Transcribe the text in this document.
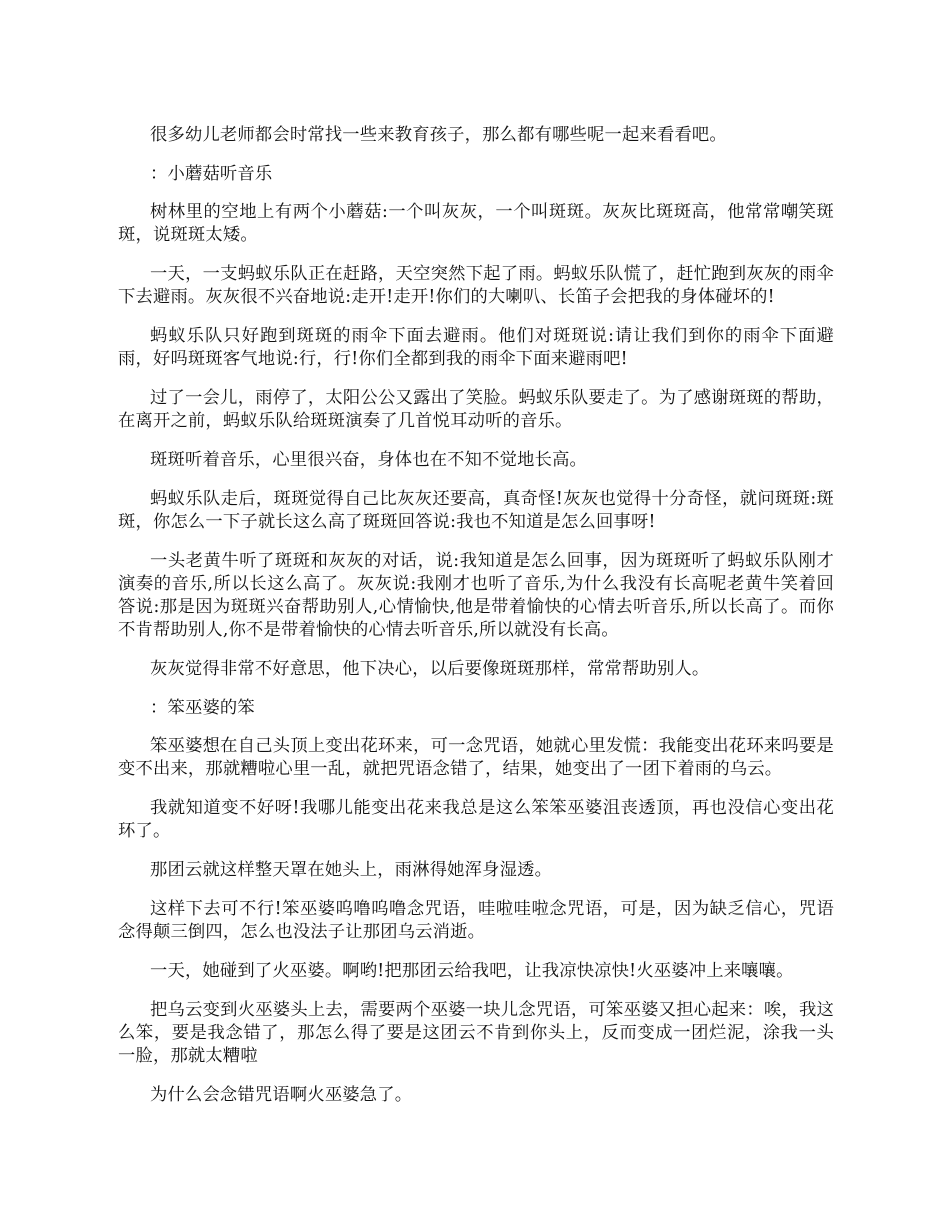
很多幼儿老师都会时常找一些来教育孩子，那么都有哪些呢一起来看看吧。

：小蘑菇听音乐

树林里的空地上有两个小蘑菇:一个叫灰灰，一个叫斑斑。灰灰比斑斑高，他常常嘲笑斑斑，说斑斑太矮。

一天，一支蚂蚁乐队正在赶路，天空突然下起了雨。蚂蚁乐队慌了，赶忙跑到灰灰的雨伞下去避雨。灰灰很不兴奋地说:走开!走开!你们的大喇叭、长笛子会把我的身体碰坏的!

蚂蚁乐队只好跑到斑斑的雨伞下面去避雨。他们对斑斑说:请让我们到你的雨伞下面避雨，好吗斑斑客气地说:行，行!你们全都到我的雨伞下面来避雨吧!

过了一会儿，雨停了，太阳公公又露出了笑脸。蚂蚁乐队要走了。为了感谢斑斑的帮助，在离开之前，蚂蚁乐队给斑斑演奏了几首悦耳动听的音乐。

斑斑听着音乐，心里很兴奋，身体也在不知不觉地长高。

蚂蚁乐队走后，斑斑觉得自己比灰灰还要高，真奇怪!灰灰也觉得十分奇怪，就问斑斑:斑斑，你怎么一下子就长这么高了斑斑回答说:我也不知道是怎么回事呀!

一头老黄牛听了斑斑和灰灰的对话，说:我知道是怎么回事，因为斑斑听了蚂蚁乐队刚才演奏的音乐,所以长这么高了。灰灰说:我刚才也听了音乐,为什么我没有长高呢老黄牛笑着回答说:那是因为斑斑兴奋帮助别人,心情愉快,他是带着愉快的心情去听音乐,所以长高了。而你不肯帮助别人,你不是带着愉快的心情去听音乐,所以就没有长高。

灰灰觉得非常不好意思，他下决心，以后要像斑斑那样，常常帮助别人。

：笨巫婆的笨

笨巫婆想在自己头顶上变出花环来，可一念咒语，她就心里发慌：我能变出花环来吗要是变不出来，那就糟啦心里一乱，就把咒语念错了，结果，她变出了一团下着雨的乌云。

我就知道变不好呀!我哪儿能变出花来我总是这么笨笨巫婆沮丧透顶，再也没信心变出花环了。

那团云就这样整天罩在她头上，雨淋得她浑身湿透。

这样下去可不行!笨巫婆呜噜呜噜念咒语，哇啦哇啦念咒语，可是，因为缺乏信心，咒语念得颠三倒四，怎么也没法子让那团乌云消逝。

一天，她碰到了火巫婆。啊哟!把那团云给我吧，让我凉快凉快!火巫婆冲上来嚷嚷。

把乌云变到火巫婆头上去，需要两个巫婆一块儿念咒语，可笨巫婆又担心起来：唉，我这么笨，要是我念错了，那怎么得了要是这团云不肯到你头上，反而变成一团烂泥，涂我一头一脸，那就太糟啦

为什么会念错咒语啊火巫婆急了。
